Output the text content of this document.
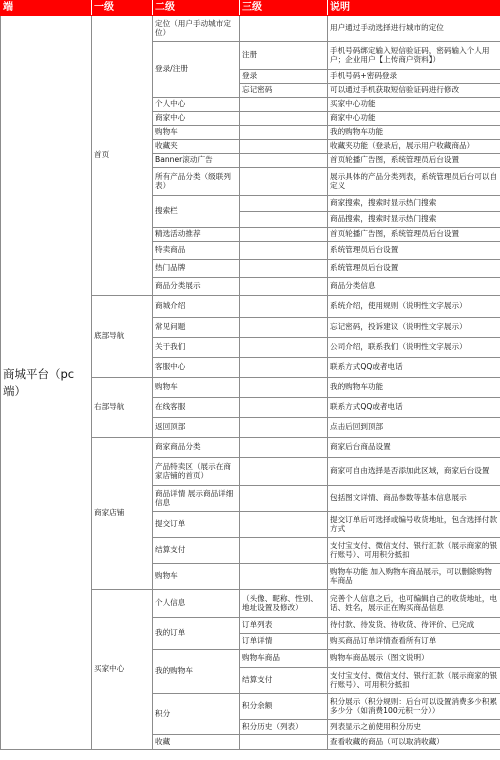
端	一级	二级	三级	说明
商城平台（pc端）	首页	定位（用户手动城市定位）		用户通过手动选择进行城市的定位
		登录/注册	注册	手机号码绑定输入短信验证码，密码输入个人用户；企业用户【上传商户资料】）
			登录	手机号码+密码登录
			忘记密码	可以通过手机获取短信验证码进行修改
		个人中心		买家中心功能
		商家中心		商家中心功能
		购物车		我的购物车功能
		收藏夹		收藏夹功能（登录后，展示用户收藏商品）
		Banner滚动广告		首页轮播广告图，系统管理员后台设置
		所有产品分类（级联列表）		展示具体的产品分类列表，系统管理员后台可以自定义
		搜索栏		商家搜索，搜索时显示热门搜索
				商品搜索，搜索时显示热门搜索
		精选活动推荐		首页轮播广告图，系统管理员后台设置
		特卖商品		系统管理员后台设置
		热门品牌		系统管理员后台设置
		商品分类展示		商品分类信息
	底部导航	商城介绍		系统介绍，使用规则（说明性文字展示）
		常见问题		忘记密码，投诉建议（说明性文字展示）
		关于我们		公司介绍，联系我们（说明性文字展示）
		客服中心		联系方式QQ或者电话
	右部导航	购物车		我的购物车功能
		在线客服		联系方式QQ或者电话
		返回顶部		点击后回到顶部
	商家店铺	商家商品分类		商家后台商品设置
		产品特卖区（展示在商家店铺的首页）		商家可自由选择是否添加此区域，商家后台设置
		商品详情 展示商品详细信息		包括图文详情、商品参数等基本信息展示
		提交订单		提交订单后可选择或编号收货地址，包含选择付款方式
		结算支付		支付宝支付、微信支付、银行汇款（展示商家的银行账号）、可用积分抵扣
		购物车		购物车功能 加入购物车商品展示，可以删除购物车商品
	买家中心	个人信息	（头像、昵称、性别、地址设置及修改）	完善个人信息之后，也可编辑自己的收货地址，电话、姓名，展示正在购买商品信息
		我的订单	订单列表	待付款、待发货、待收货、待评价、已完成
			订单详情	购买商品订单详情查看所有订单
		我的购物车	购物车商品	购物车商品展示（图文说明）
			结算支付	支付宝支付、微信支付、银行汇款（展示商家的银行账号）、可用积分抵扣
		积分	积分余额	积分展示（积分规则：后台可以设置消费多少积累多少分（如消费100元积一分））
			积分历史（列表）	列表显示之前使用积分历史
		收藏		查看收藏的商品（可以取消收藏）
